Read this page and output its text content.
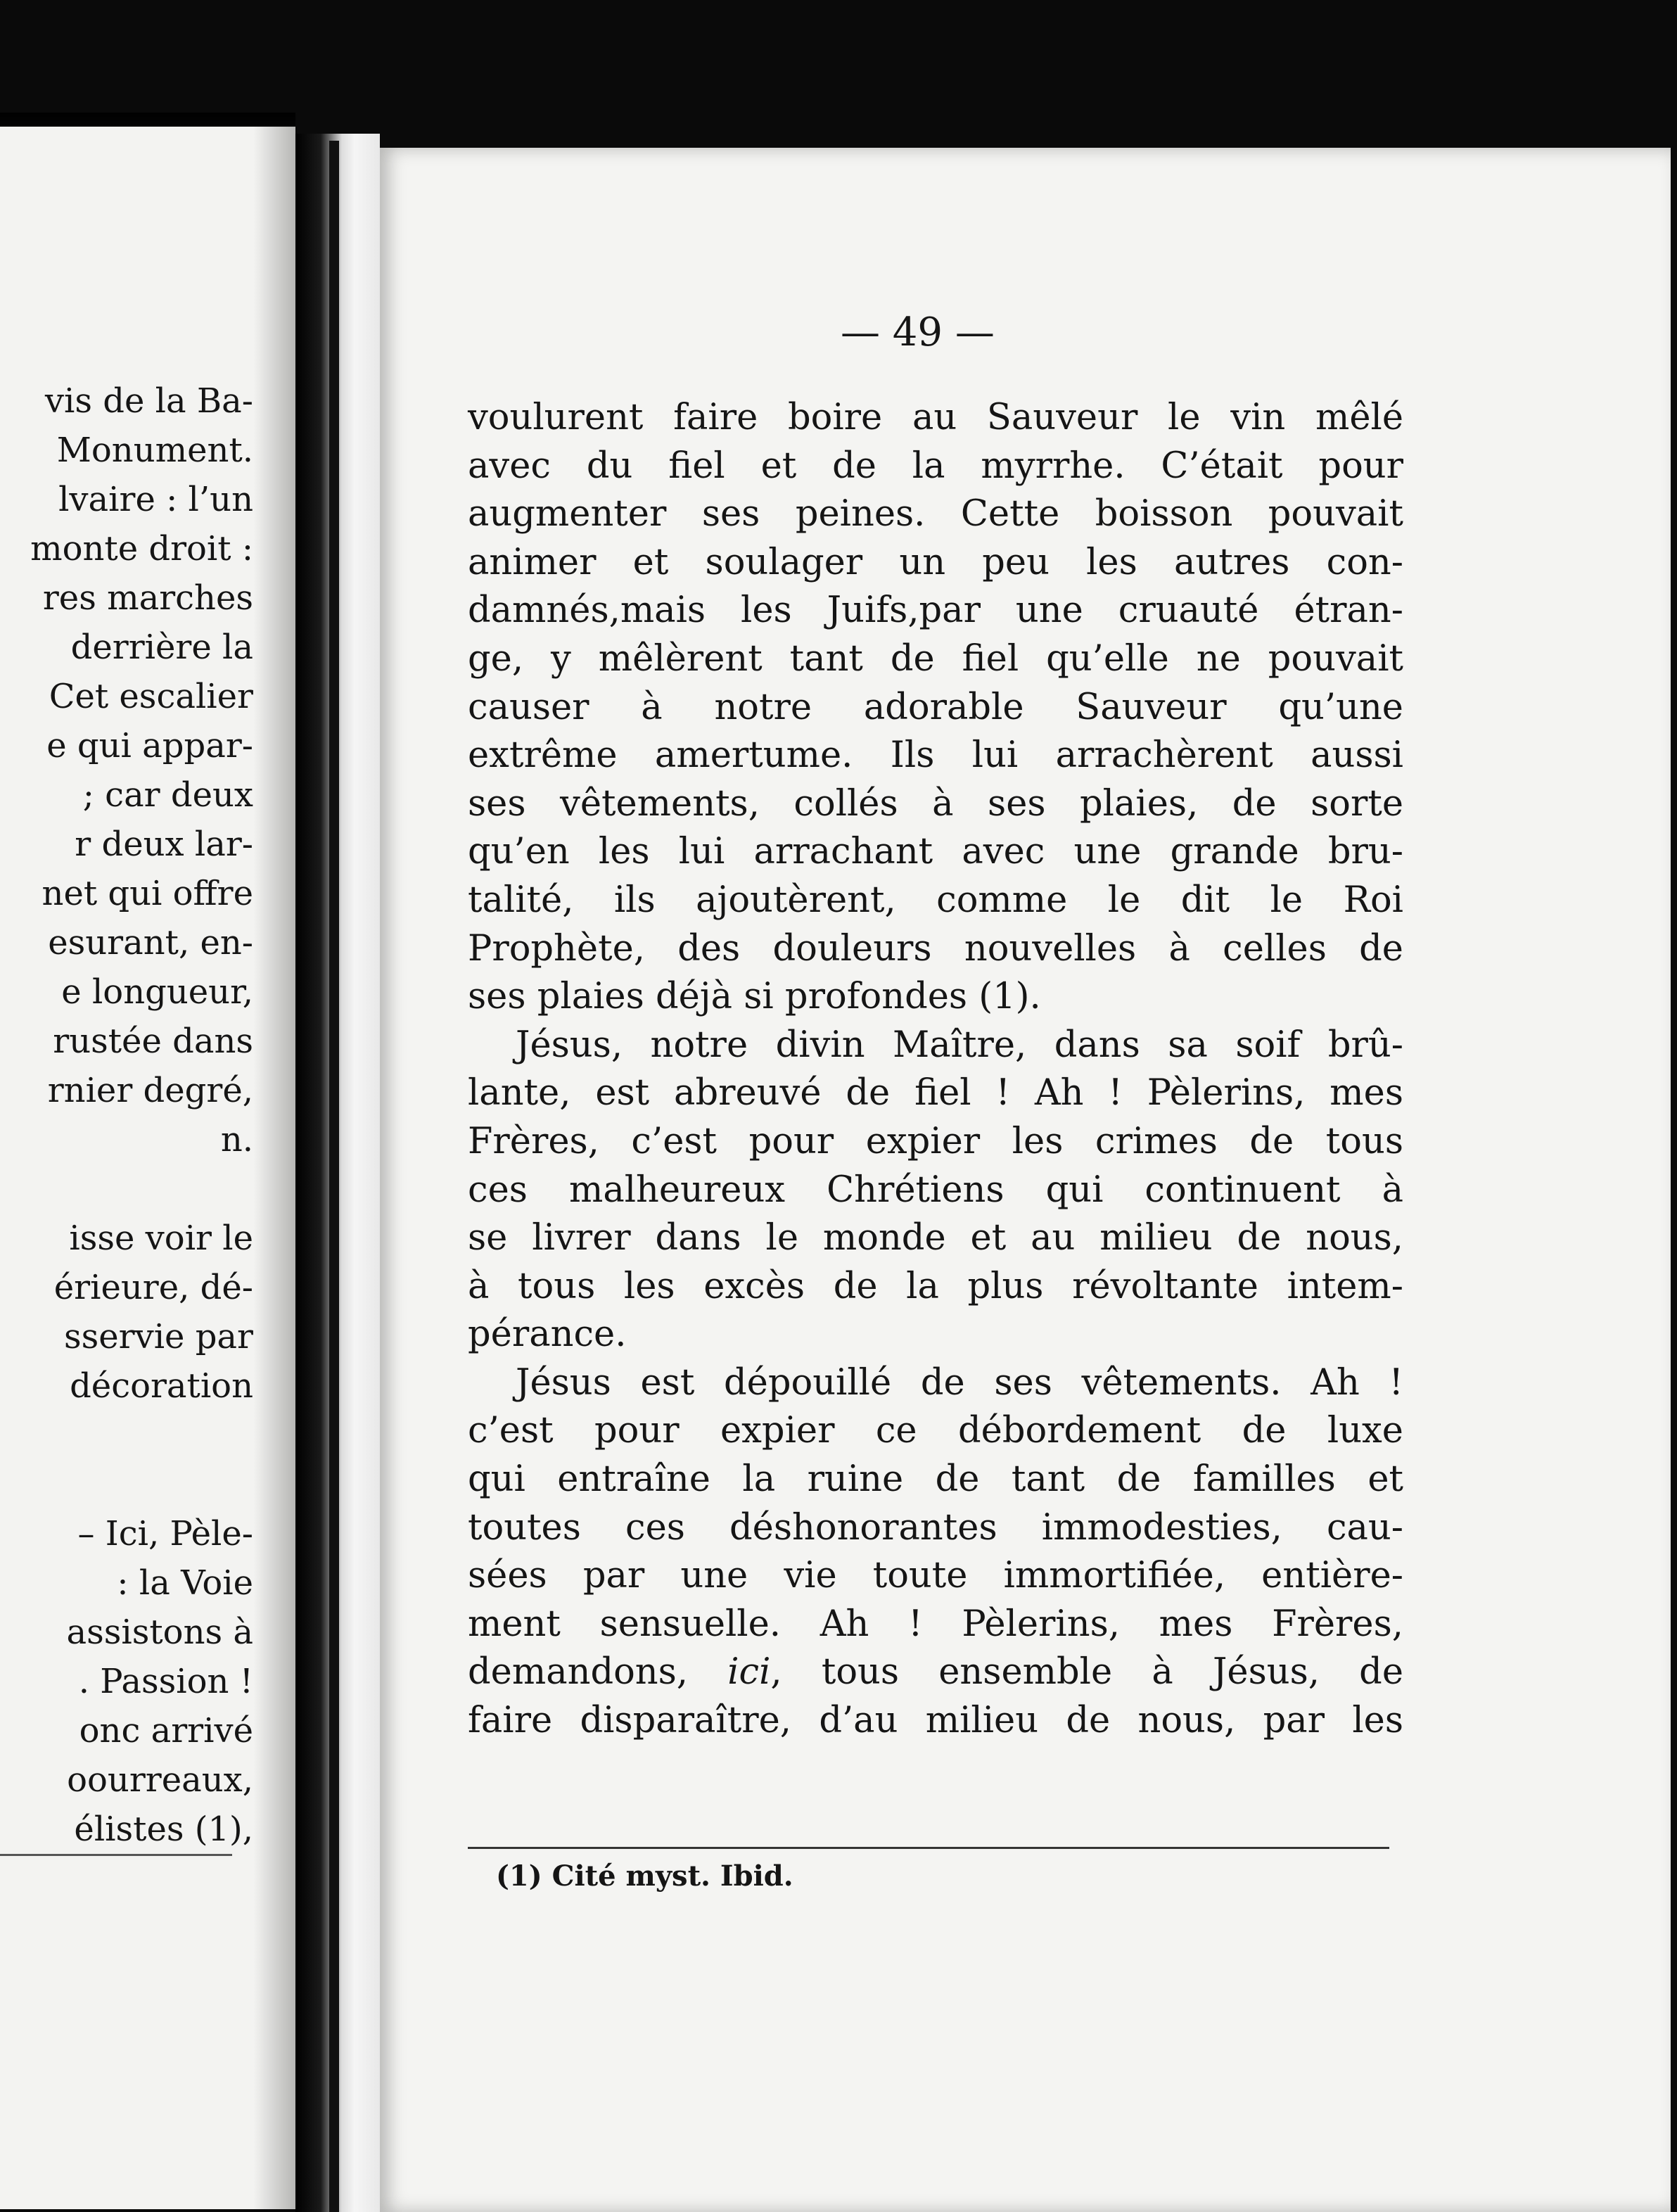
vis de la Ba-
Monument.
lvaire : l’un
monte droit :
res marches
derrière la
Cet escalier
e qui appar-
; car deux
r deux lar-
net qui offre
esurant, en-
e longueur,
rustée dans
rnier degré,
n.
isse voir le
érieure, dé-
sservie par
décoration
– Ici, Pèle-
: la Voie
assistons à
. Passion !
onc arrivé
oourreaux,
élistes (1),
— 49 —
voulurent faire boire au Sauveur le vin mêlé
avec du fiel et de la myrrhe. C’était pour
augmenter ses peines. Cette boisson pouvait
animer et soulager un peu les autres con-
damnés,mais les Juifs,par une cruauté étran-
ge, y mêlèrent tant de fiel qu’elle ne pouvait
causer à notre adorable Sauveur qu’une
extrême amertume. Ils lui arrachèrent aussi
ses vêtements, collés à ses plaies, de sorte
qu’en les lui arrachant avec une grande bru-
talité, ils ajoutèrent, comme le dit le Roi
Prophète, des douleurs nouvelles à celles de
ses plaies déjà si profondes (1).
Jésus, notre divin Maître, dans sa soif brû-
lante, est abreuvé de fiel ! Ah ! Pèlerins, mes
Frères, c’est pour expier les crimes de tous
ces malheureux Chrétiens qui continuent à
se livrer dans le monde et au milieu de nous,
à tous les excès de la plus révoltante intem-
pérance.
Jésus est dépouillé de ses vêtements. Ah !
c’est pour expier ce débordement de luxe
qui entraîne la ruine de tant de familles et
toutes ces déshonorantes immodesties, cau-
sées par une vie toute immortifiée, entière-
ment sensuelle. Ah ! Pèlerins, mes Frères,
demandons, ici, tous ensemble à Jésus, de
faire disparaître, d’au milieu de nous, par les
(1) Cité myst. Ibid.
